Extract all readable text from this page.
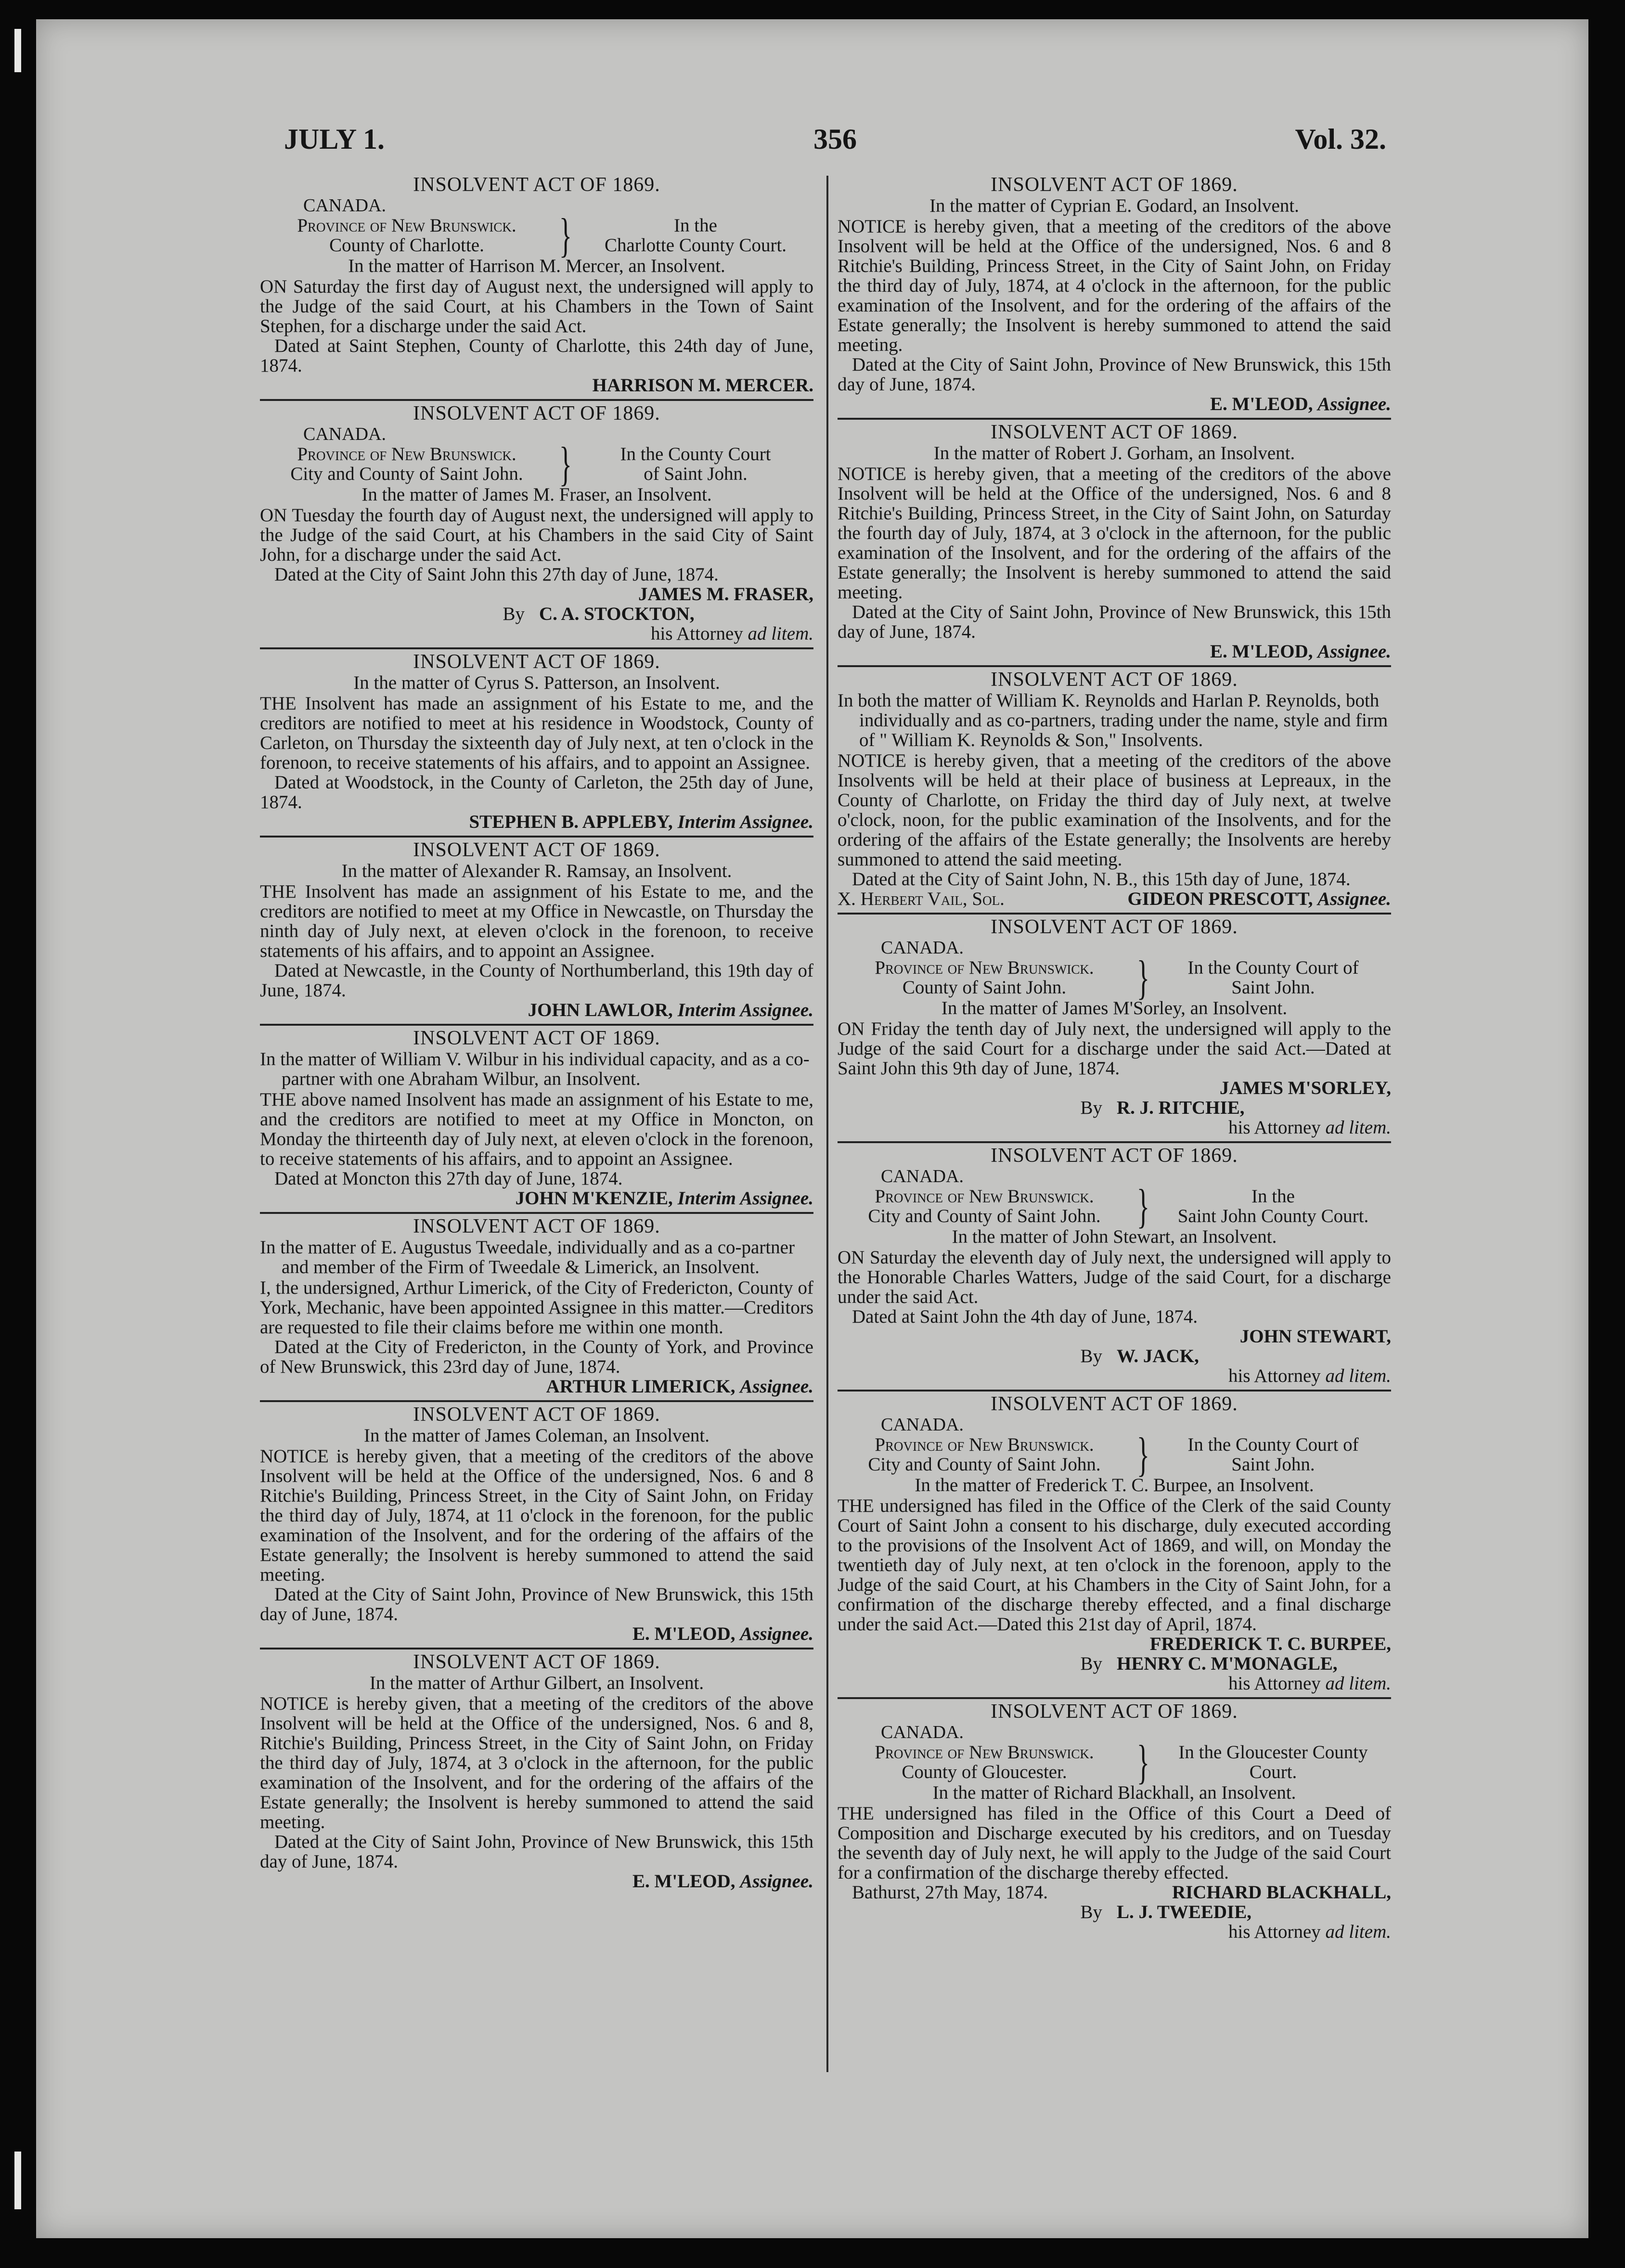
JULY 1.	356	Vol. 32.
INSOLVENT ACT OF 1869.
CANADA.
Province of New Brunswick.
County of Charlotte.	}	In the
Charlotte County Court.
In the matter of Harrison M. Mercer, an Insolvent.

ON Saturday the first day of August next, the undersigned will apply to the Judge of the said Court, at his Chambers in the Town of Saint Stephen, for a discharge under the said Act.

Dated at Saint Stephen, County of Charlotte, this 24th day of June, 1874.

HARRISON M. MERCER.
INSOLVENT ACT OF 1869.
CANADA.
Province of New Brunswick.
City and County of Saint John. }	In the County Court
of Saint John.
In the matter of James M. Fraser, an Insolvent.

ON Tuesday the fourth day of August next, the undersigned will apply to the Judge of the said Court, at his Chambers in the said City of Saint John, for a discharge under the said Act.

Dated at the City of Saint John this 27th day of June, 1874.

JAMES M. FRASER,
By C. A. STOCKTON,
his Attorney ad litem.
INSOLVENT ACT OF 1869.
In the matter of Cyrus S. Patterson, an Insolvent.

THE Insolvent has made an assignment of his Estate to me, and the creditors are notified to meet at his residence in Woodstock, County of Carleton, on Thursday the sixteenth day of July next, at ten o'clock in the forenoon, to receive statements of his affairs, and to appoint an Assignee.

Dated at Woodstock, in the County of Carleton, the 25th day of June, 1874.

STEPHEN B. APPLEBY, Interim Assignee.
INSOLVENT ACT OF 1869.
In the matter of Alexander R. Ramsay, an Insolvent.

THE Insolvent has made an assignment of his Estate to me, and the creditors are notified to meet at my Office in Newcastle, on Thursday the ninth day of July next, at eleven o'clock in the forenoon, to receive statements of his affairs, and to appoint an Assignee.

Dated at Newcastle, in the County of Northumberland, this 19th day of June, 1874.

JOHN LAWLOR, Interim Assignee.
INSOLVENT ACT OF 1869.
In the matter of William V. Wilbur in his individual capacity, and as a co-partner with one Abraham Wilbur, an Insolvent.

THE above named Insolvent has made an assignment of his Estate to me, and the creditors are notified to meet at my Office in Moncton, on Monday the thirteenth day of July next, at eleven o'clock in the forenoon, to receive statements of his affairs, and to appoint an Assignee.

Dated at Moncton this 27th day of June, 1874.

JOHN M'KENZIE, Interim Assignee.
INSOLVENT ACT OF 1869.
In the matter of E. Augustus Tweedale, individually and as a co-partner and member of the Firm of Tweedale & Limerick, an Insolvent.

I, the undersigned, Arthur Limerick, of the City of Fredericton, County of York, Mechanic, have been appointed Assignee in this matter.—Creditors are requested to file their claims before me within one month.

Dated at the City of Fredericton, in the County of York, and Province of New Brunswick, this 23rd day of June, 1874.

ARTHUR LIMERICK, Assignee.
INSOLVENT ACT OF 1869.
In the matter of James Coleman, an Insolvent.

NOTICE is hereby given, that a meeting of the creditors of the above Insolvent will be held at the Office of the undersigned, Nos. 6 and 8 Ritchie's Building, Princess Street, in the City of Saint John, on Friday the third day of July, 1874, at 11 o'clock in the forenoon, for the public examination of the Insolvent, and for the ordering of the affairs of the Estate generally; the Insolvent is hereby summoned to attend the said meeting.

Dated at the City of Saint John, Province of New Brunswick, this 15th day of June, 1874.

E. M'LEOD, Assignee.
INSOLVENT ACT OF 1869.
In the matter of Arthur Gilbert, an Insolvent.

NOTICE is hereby given, that a meeting of the creditors of the above Insolvent will be held at the Office of the undersigned, Nos. 6 and 8, Ritchie's Building, Princess Street, in the City of Saint John, on Friday the third day of July, 1874, at 3 o'clock in the afternoon, for the public examination of the Insolvent, and for the ordering of the affairs of the Estate generally; the Insolvent is hereby summoned to attend the said meeting.

Dated at the City of Saint John, Province of New Brunswick, this 15th day of June, 1874.

E. M'LEOD, Assignee.
INSOLVENT ACT OF 1869.
In the matter of Cyprian E. Godard, an Insolvent.

NOTICE is hereby given, that a meeting of the creditors of the above Insolvent will be held at the Office of the undersigned, Nos. 6 and 8 Ritchie's Building, Princess Street, in the City of Saint John, on Friday the third day of July, 1874, at 4 o'clock in the afternoon, for the public examination of the Insolvent, and for the ordering of the affairs of the Estate generally; the Insolvent is hereby summoned to attend the said meeting.

Dated at the City of Saint John, Province of New Brunswick, this 15th day of June, 1874.

E. M'LEOD, Assignee.
INSOLVENT ACT OF 1869.
In the matter of Robert J. Gorham, an Insolvent.

NOTICE is hereby given, that a meeting of the creditors of the above Insolvent will be held at the Office of the undersigned, Nos. 6 and 8 Ritchie's Building, Princess Street, in the City of Saint John, on Saturday the fourth day of July, 1874, at 3 o'clock in the afternoon, for the public examination of the Insolvent, and for the ordering of the affairs of the Estate generally; the Insolvent is hereby summoned to attend the said meeting.

Dated at the City of Saint John, Province of New Brunswick, this 15th day of June, 1874.

E. M'LEOD, Assignee.
INSOLVENT ACT OF 1869.
In both the matter of William K. Reynolds and Harlan P. Reynolds, both individually and as co-partners, trading under the name, style and firm of " William K. Reynolds & Son," Insolvents.

NOTICE is hereby given, that a meeting of the creditors of the above Insolvents will be held at their place of business at Lepreaux, in the County of Charlotte, on Friday the third day of July next, at twelve o'clock, noon, for the public examination of the Insolvents, and for the ordering of the affairs of the Estate generally; the Insolvents are hereby summoned to attend the said meeting.

Dated at the City of Saint John, N. B., this 15th day of June, 1874.

X. Herbert Vail, Sol.	GIDEON PRESCOTT, Assignee.
INSOLVENT ACT OF 1869.
CANADA.
Province of New Brunswick.
County of Saint John.	}	In the County Court of
Saint John.
In the matter of James M'Sorley, an Insolvent.

ON Friday the tenth day of July next, the undersigned will apply to the Judge of the said Court for a discharge under the said Act.—Dated at Saint John this 9th day of June, 1874.

JAMES M'SORLEY,
By R. J. RITCHIE,
his Attorney ad litem.
INSOLVENT ACT OF 1869.
CANADA.
Province of New Brunswick.
City and County of Saint John. }	In the
Saint John County Court.
In the matter of John Stewart, an Insolvent.

ON Saturday the eleventh day of July next, the undersigned will apply to the Honorable Charles Watters, Judge of the said Court, for a discharge under the said Act.

Dated at Saint John the 4th day of June, 1874.

JOHN STEWART,
By W. JACK,
his Attorney ad litem.
INSOLVENT ACT OF 1869.
CANADA.
Province of New Brunswick.
City and County of Saint John. }	In the County Court of
Saint John.
In the matter of Frederick T. C. Burpee, an Insolvent.

THE undersigned has filed in the Office of the Clerk of the said County Court of Saint John a consent to his discharge, duly executed according to the provisions of the Insolvent Act of 1869, and will, on Monday the twentieth day of July next, at ten o'clock in the forenoon, apply to the Judge of the said Court, at his Chambers in the City of Saint John, for a confirmation of the discharge thereby effected, and a final discharge under the said Act.—Dated this 21st day of April, 1874.

FREDERICK T. C. BURPEE,
By HENRY C. M'MONAGLE,
his Attorney ad litem.
INSOLVENT ACT OF 1869.
CANADA.
Province of New Brunswick.
County of Gloucester.	}	In the Gloucester County
Court.
In the matter of Richard Blackhall, an Insolvent.

THE undersigned has filed in the Office of this Court a Deed of Composition and Discharge executed by his creditors, and on Tuesday the seventh day of July next, he will apply to the Judge of the said Court for a confirmation of the discharge thereby effected.

Bathurst, 27th May, 1874.	RICHARD BLACKHALL,
By L. J. TWEEDIE,
his Attorney ad litem.
